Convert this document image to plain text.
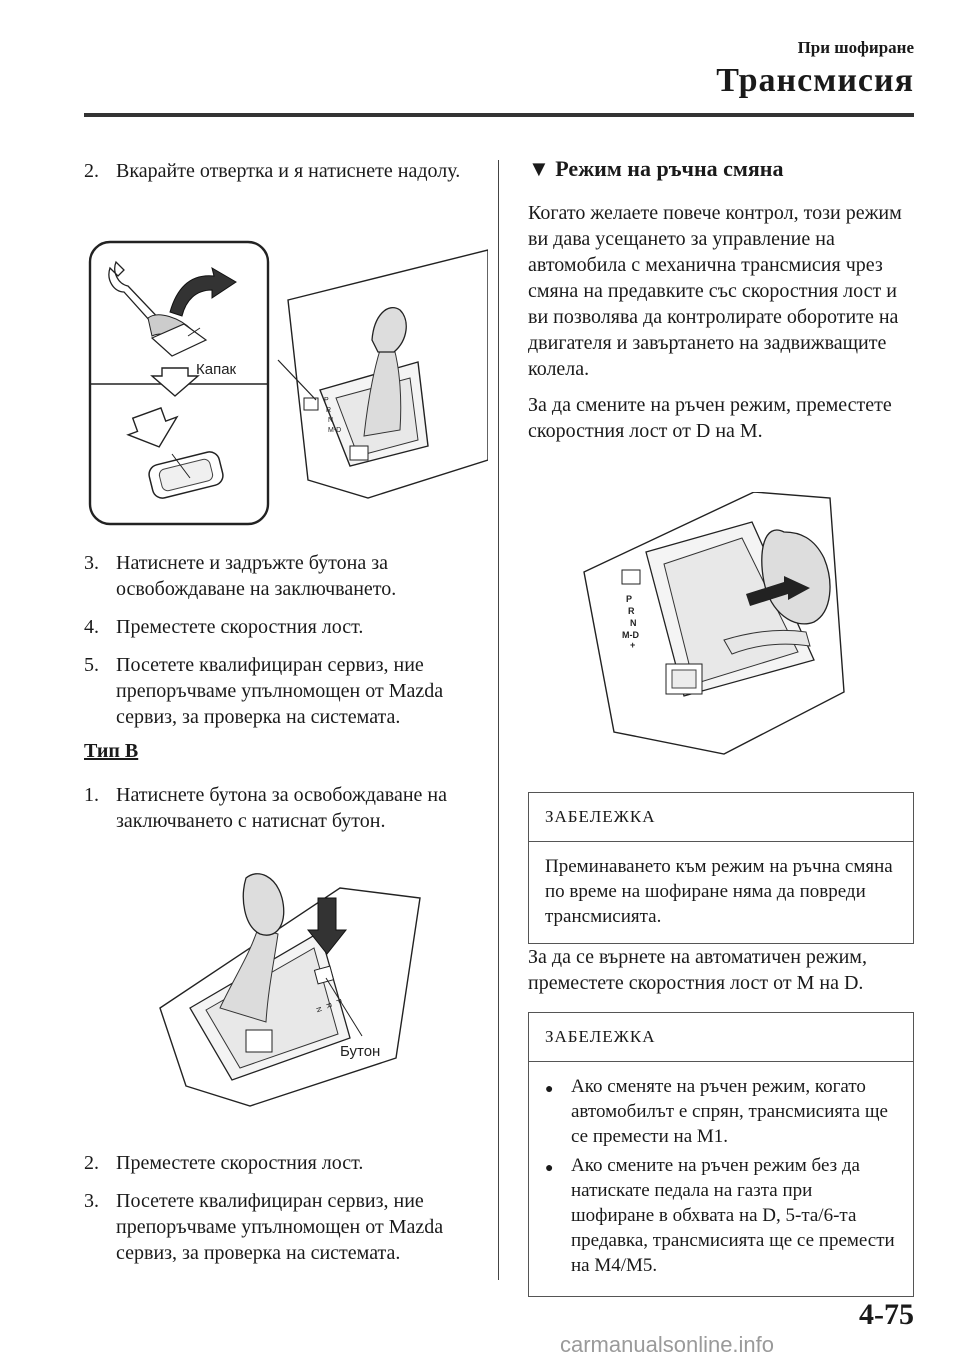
При шофиране
Трансмисия
2. Вкарайте отвертка и я натиснете надолу.
P
R
N
M-D
Капак
3. Натиснете и задръжте бутона за освобождаване на заключването.
4. Преместете скоростния лост.
5. Посетете квалифициран сервиз, ние препоръчваме упълномощен от Mazda сервиз, за проверка на системата.
Тип B
1. Натиснете бутона за освобождаване на заключването с натиснат бутон.
P
R
N
Бутон
2. Преместете скоростния лост.
3. Посетете квалифициран сервиз, ние препоръчваме упълномощен от Mazda сервиз, за проверка на системата.
▼ Режим на ръчна смяна
Когато желаете повече контрол, този режим ви дава усещането за управление на автомобила с механична трансмисия чрез смяна на предавките със скоростния лост и ви позволява да контролирате оборотите на двигателя и завъртането на задвижващите колела.
За да смените на ръчен режим, преместете скоростния лост от D на M.
P
R
N
M-D
+
ЗАБЕЛЕЖКА
Преминаването към режим на ръчна смяна по време на шофиране няма да повреди трансмисията.
За да се върнете на автоматичен режим, преместете скоростния лост от M на D.
ЗАБЕЛЕЖКА
● Ако сменяте на ръчен режим, когато автомобилът е спрян, трансмисията ще се премести на M1.
● Ако смените на ръчен режим без да натискате педала на газта при шофиране в обхвата на D, 5-та/6-та предавка, трансмисията ще се премести на M4/M5.
4-75
carmanualsonline.info
